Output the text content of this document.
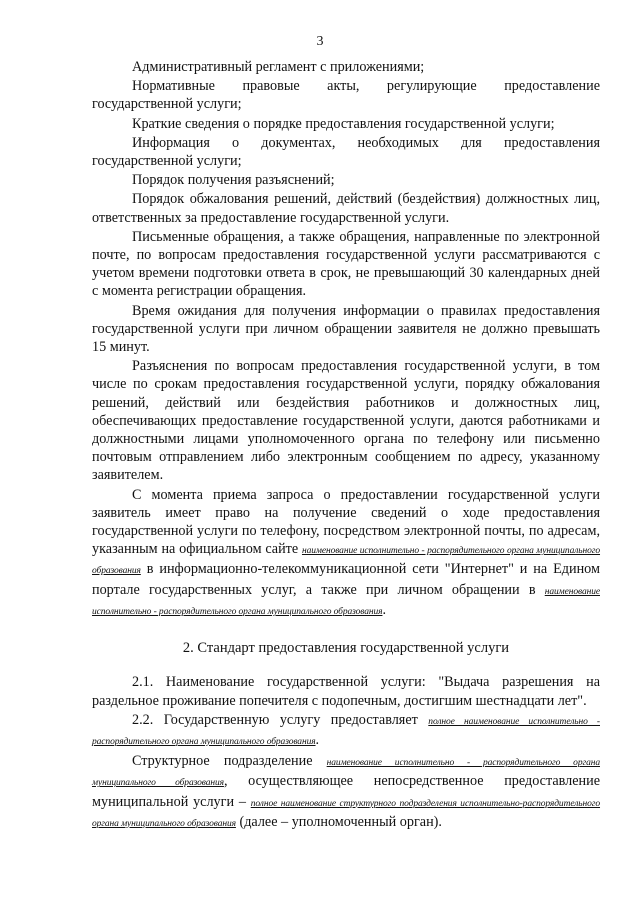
3

Административный регламент с приложениями;

Нормативные правовые акты, регулирующие предоставление государственной услуги;

Краткие сведения о порядке предоставления государственной услуги;

Информация о документах, необходимых для предоставления государственной услуги;

Порядок получения разъяснений;

Порядок обжалования решений, действий (бездействия) должностных лиц, ответственных за предоставление государственной услуги.

Письменные обращения, а также обращения, направленные по электронной почте, по вопросам предоставления государственной услуги рассматриваются с учетом времени подготовки ответа в срок, не превышающий 30 календарных дней с момента регистрации обращения.

Время ожидания для получения информации о правилах предоставления государственной услуги при личном обращении заявителя не должно превышать 15 минут.

Разъяснения по вопросам предоставления государственной услуги, в том числе по срокам предоставления государственной услуги, порядку обжалования решений, действий или бездействия работников и должностных лиц, обеспечивающих предоставление государственной услуги, даются работниками и должностными лицами уполномоченного органа по телефону или письменно почтовым отправлением либо электронным сообщением по адресу, указанному заявителем.

С момента приема запроса о предоставлении государственной услуги заявитель имеет право на получение сведений о ходе предоставления государственной услуги по телефону, посредством электронной почты, по адресам, указанным на официальном сайте наименование исполнительно - распорядительного органа муниципального образования в информационно-телекоммуникационной сети "Интернет" и на Едином портале государственных услуг, а также при личном обращении в наименование исполнительно - распорядительного органа муниципального образования.

2. Стандарт предоставления государственной услуги

2.1. Наименование государственной услуги: "Выдача разрешения на раздельное проживание попечителя с подопечным, достигшим шестнадцати лет".

2.2. Государственную услугу предоставляет полное наименование исполнительно - распорядительного органа муниципального образования.

Структурное подразделение наименование исполнительно - распорядительного органа муниципального образования, осуществляющее непосредственное предоставление муниципальной услуги – полное наименование структурного подразделения исполнительно-распорядительного органа муниципального образования (далее – уполномоченный орган).
